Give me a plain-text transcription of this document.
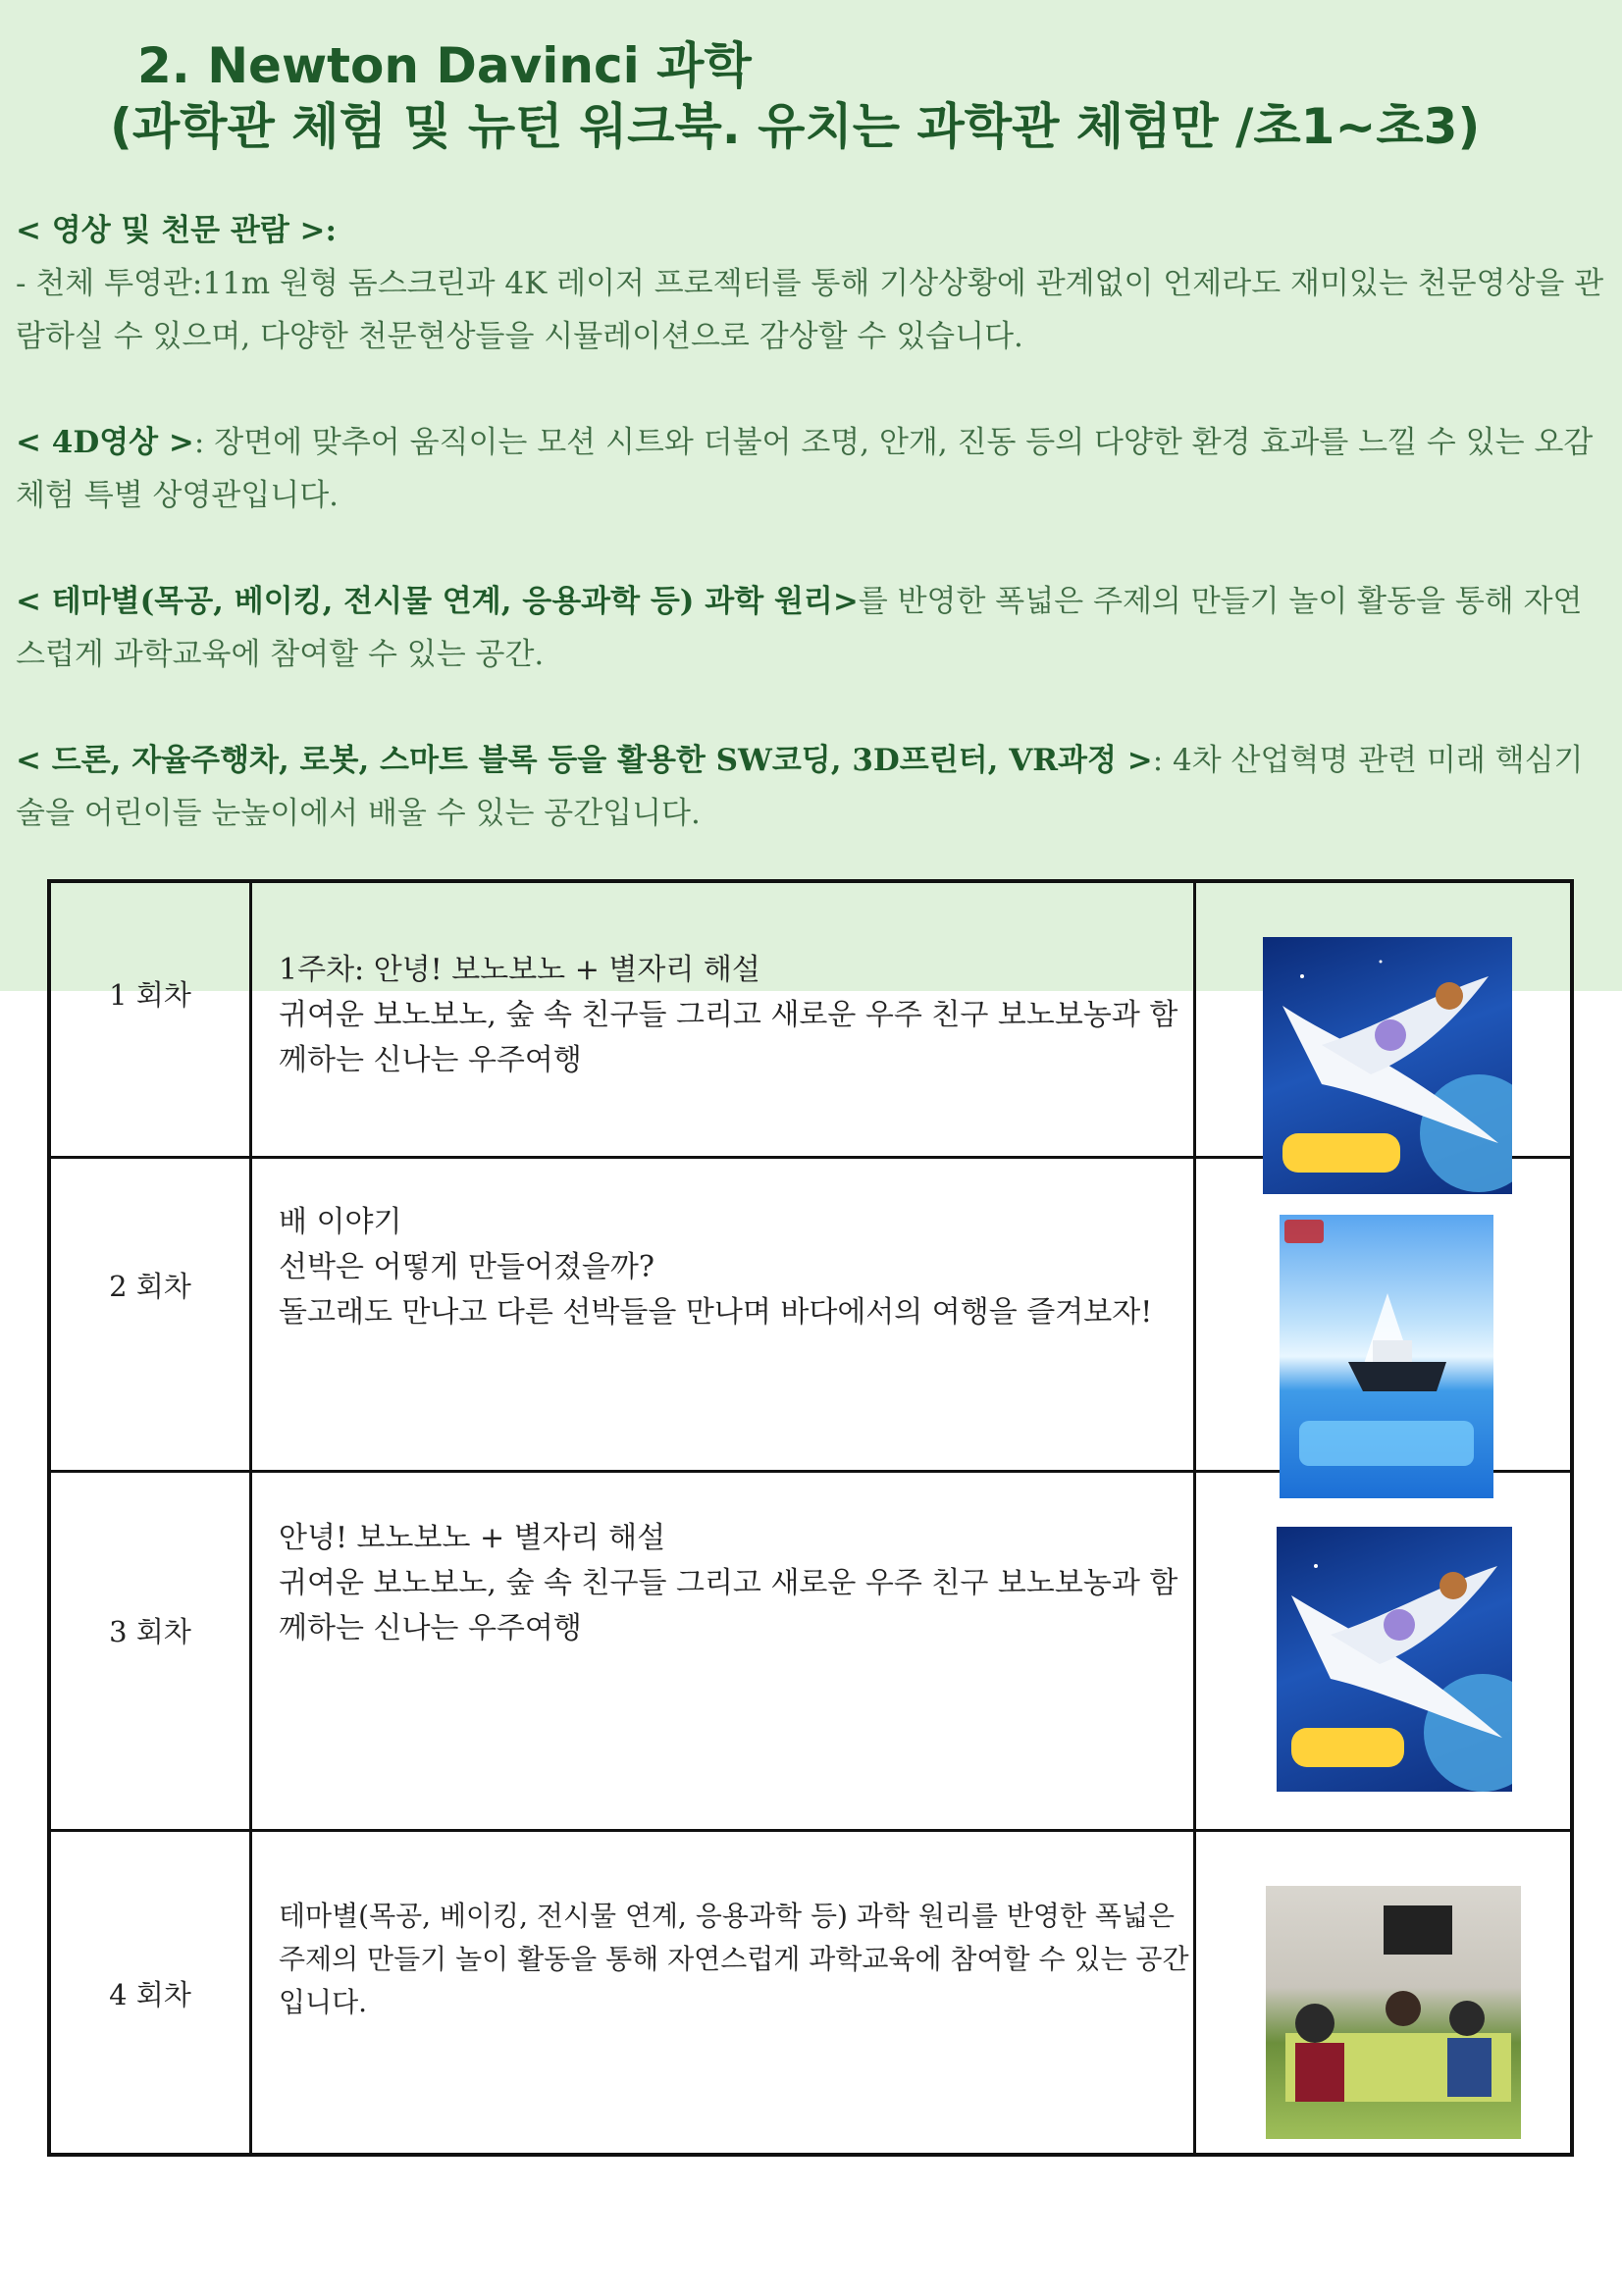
2. Newton Davinci 과학
(과학관 체험 및 뉴턴 워크북. 유치는 과학관 체험만 /초1~초3)
< 영상 및 천문 관람 >:
- 천체 투영관:11m 원형 돔스크린과 4K 레이저 프로젝터를 통해 기상상황에 관계없이 언제라도 재미있는 천문영상을 관람하실 수 있으며, 다양한 천문현상들을 시뮬레이션으로 감상할 수 있습니다.
< 4D영상 >: 장면에 맞추어 움직이는 모션 시트와 더불어 조명, 안개, 진동 등의 다양한 환경 효과를 느낄 수 있는 오감체험 특별 상영관입니다.
< 테마별(목공, 베이킹, 전시물 연계, 응용과학 등) 과학 원리>를 반영한 폭넓은 주제의 만들기 놀이 활동을 통해 자연스럽게 과학교육에 참여할 수 있는 공간.
< 드론, 자율주행차, 로봇, 스마트 블록 등을 활용한 SW코딩, 3D프린터, VR과정 >: 4차 산업혁명 관련 미래 핵심기술을 어린이들 눈높이에서 배울 수 있는 공간입니다.
1 회차
1주차: 안녕! 보노보노 + 별자리 해설
귀여운 보노보노, 숲 속 친구들 그리고 새로운 우주 친구 보노보농과 함께하는 신나는 우주여행
2 회차
배 이야기
선박은 어떻게 만들어졌을까?
돌고래도 만나고 다른 선박들을 만나며 바다에서의 여행을 즐겨보자!
3 회차
안녕! 보노보노 + 별자리 해설
귀여운 보노보노, 숲 속 친구들 그리고 새로운 우주 친구 보노보농과 함께하는 신나는 우주여행
4 회차
테마별(목공, 베이킹, 전시물 연계, 응용과학 등) 과학 원리를 반영한 폭넓은 주제의 만들기 놀이 활동을 통해 자연스럽게 과학교육에 참여할 수 있는 공간입니다.
